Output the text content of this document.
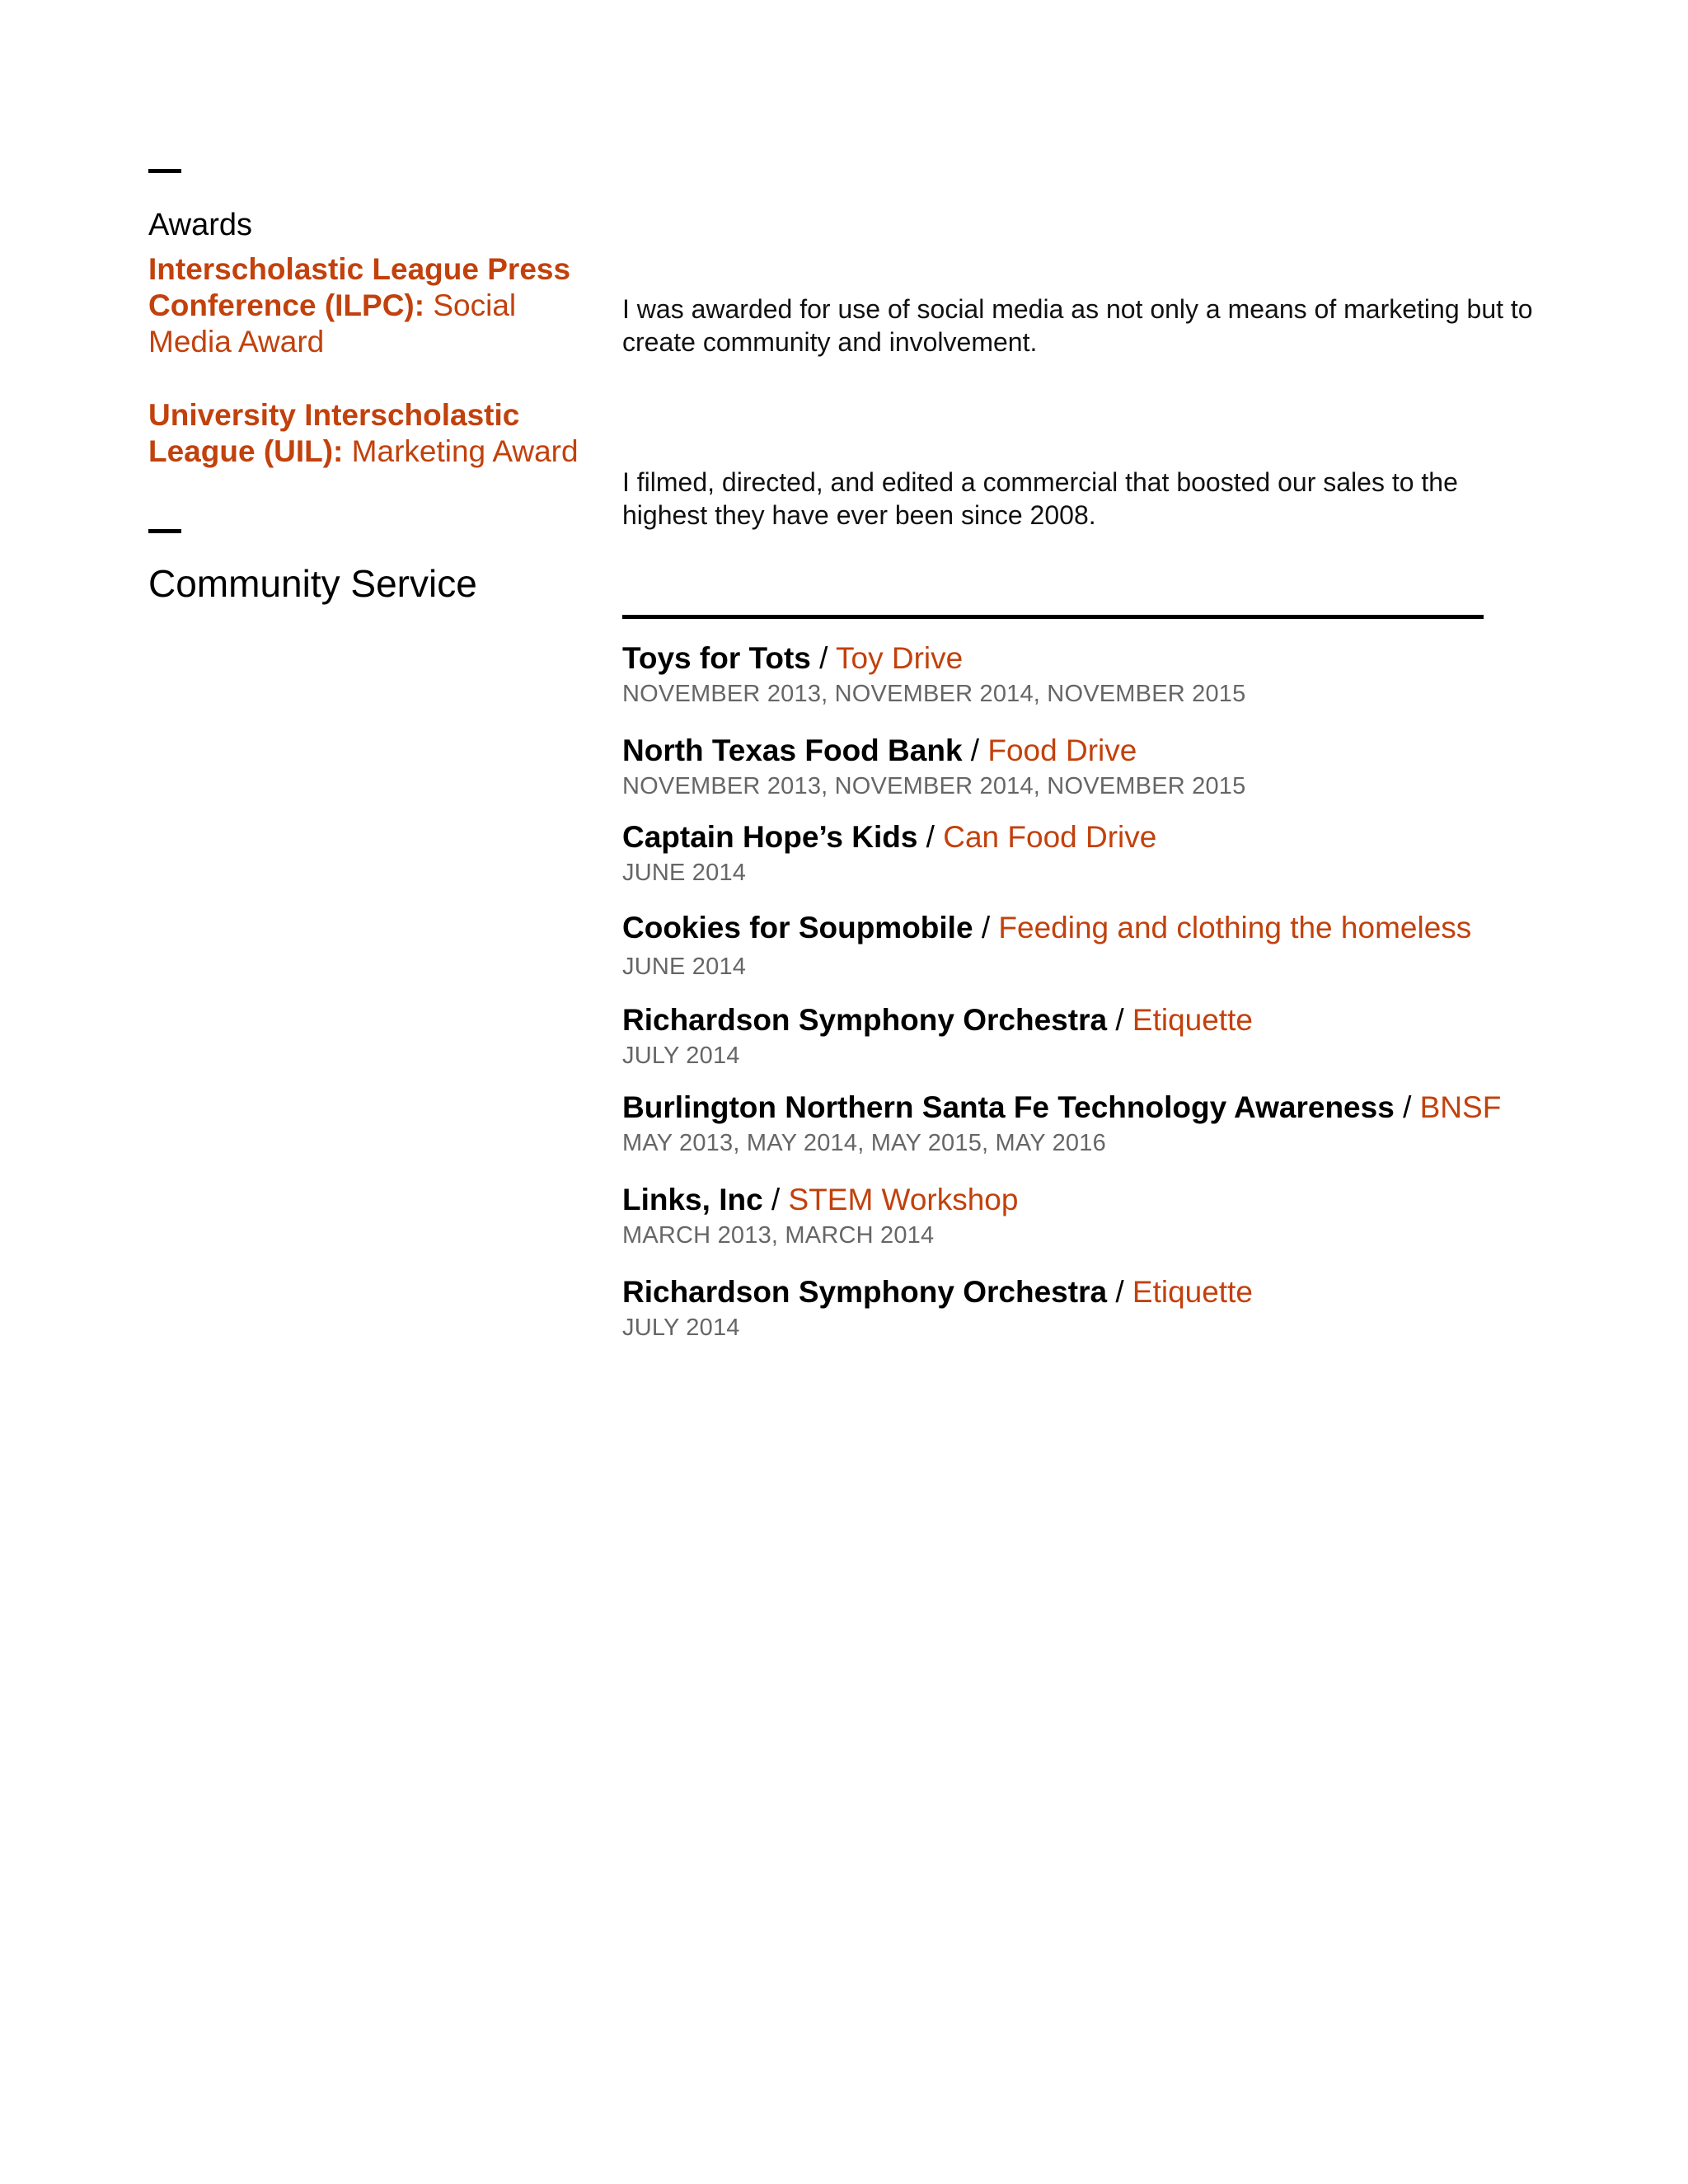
Awards
Interscholastic League Press Conference (ILPC): Social Media Award
I was awarded for use of social media as not only a means of marketing but to create community and involvement.
University Interscholastic League (UIL): Marketing Award
I filmed, directed, and edited a commercial that boosted our sales to the highest they have ever been since 2008.
Community Service
Toys for Tots / Toy Drive
NOVEMBER 2013, NOVEMBER 2014, NOVEMBER 2015
North Texas Food Bank / Food Drive
NOVEMBER 2013, NOVEMBER 2014, NOVEMBER 2015
Captain Hope’s Kids / Can Food Drive
JUNE 2014
Cookies for Soupmobile / Feeding and clothing the homeless
JUNE 2014
Richardson Symphony Orchestra / Etiquette
JULY 2014
Burlington Northern Santa Fe Technology Awareness / BNSF
MAY 2013, MAY 2014, MAY 2015, MAY 2016
Links, Inc / STEM Workshop
MARCH 2013, MARCH 2014
Richardson Symphony Orchestra / Etiquette
JULY 2014
